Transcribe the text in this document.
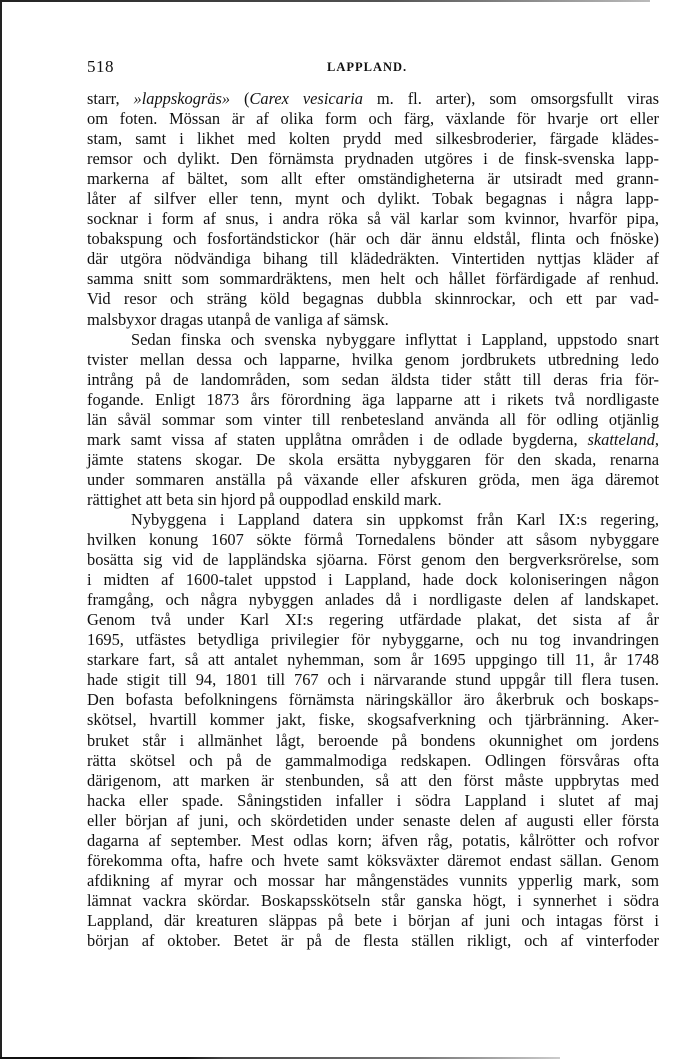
518	LAPPLAND.
starr, »lappskogräs» (Carex vesicaria m. fl. arter), som omsorgsfullt viras
om foten. Mössan är af olika form och färg, växlande för hvarje ort eller
stam, samt i likhet med kolten prydd med silkesbroderier, färgade klädes-
remsor och dylikt. Den förnämsta prydnaden utgöres i de finsk-svenska lapp-
markerna af bältet, som allt efter omständigheterna är utsiradt med grann-
låter af silfver eller tenn, mynt och dylikt. Tobak begagnas i några lapp-
socknar i form af snus, i andra röka så väl karlar som kvinnor, hvarför pipa,
tobakspung och fosfortändstickor (här och där ännu eldstål, flinta och fnöske)
där utgöra nödvändiga bihang till klädedräkten. Vintertiden nyttjas kläder af
samma snitt som sommardräktens, men helt och hållet förfärdigade af renhud.
Vid resor och sträng köld begagnas dubbla skinnrockar, och ett par vad-
malsbyxor dragas utanpå de vanliga af sämsk.
Sedan finska och svenska nybyggare inflyttat i Lappland, uppstodo snart
tvister mellan dessa och lapparne, hvilka genom jordbrukets utbredning ledo
intrång på de landområden, som sedan äldsta tider stått till deras fria för-
fogande. Enligt 1873 års förordning äga lapparne att i rikets två nordligaste
län såväl sommar som vinter till renbetesland använda all för odling otjänlig
mark samt vissa af staten upplåtna områden i de odlade bygderna, skatteland,
jämte statens skogar. De skola ersätta nybyggaren för den skada, renarna
under sommaren anställa på växande eller afskuren gröda, men äga däremot
rättighet att beta sin hjord på ouppodlad enskild mark.
Nybyggena i Lappland datera sin uppkomst från Karl IX:s regering,
hvilken konung 1607 sökte förmå Tornedalens bönder att såsom nybyggare
bosätta sig vid de lappländska sjöarna. Först genom den bergverksrörelse, som
i midten af 1600-talet uppstod i Lappland, hade dock koloniseringen någon
framgång, och några nybyggen anlades då i nordligaste delen af landskapet.
Genom två under Karl XI:s regering utfärdade plakat, det sista af år
1695, utfästes betydliga privilegier för nybyggarne, och nu tog invandringen
starkare fart, så att antalet nyhemman, som år 1695 uppgingo till 11, år 1748
hade stigit till 94, 1801 till 767 och i närvarande stund uppgår till flera tusen.
Den bofasta befolkningens förnämsta näringskällor äro åkerbruk och boskaps-
skötsel, hvartill kommer jakt, fiske, skogsafverkning och tjärbränning. Aker-
bruket står i allmänhet lågt, beroende på bondens okunnighet om jordens
rätta skötsel och på de gammalmodiga redskapen. Odlingen försvåras ofta
därigenom, att marken är stenbunden, så att den först måste uppbrytas med
hacka eller spade. Såningstiden infaller i södra Lappland i slutet af maj
eller början af juni, och skördetiden under senaste delen af augusti eller första
dagarna af september. Mest odlas korn; äfven råg, potatis, kålrötter och rofvor
förekomma ofta, hafre och hvete samt köksväxter däremot endast sällan. Genom
afdikning af myrar och mossar har mångenstädes vunnits ypperlig mark, som
lämnat vackra skördar. Boskapsskötseln står ganska högt, i synnerhet i södra
Lappland, där kreaturen släppas på bete i början af juni och intagas först i
början af oktober. Betet är på de flesta ställen rikligt, och af vinterfoder
